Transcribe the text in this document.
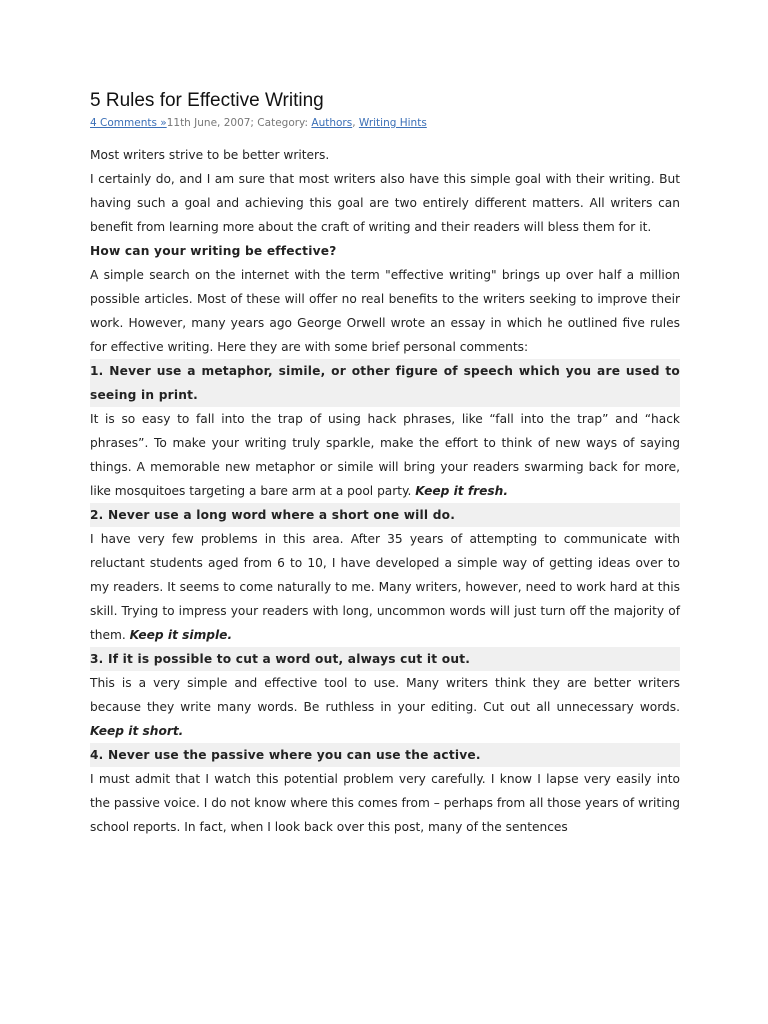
5 Rules for Effective Writing
4 Comments »11th June, 2007; Category: Authors, Writing Hints

Most writers strive to be better writers.

I certainly do, and I am sure that most writers also have this simple goal with their writing. But having such a goal and achieving this goal are two entirely different matters. All writers can benefit from learning more about the craft of writing and their readers will bless them for it.

How can your writing be effective?

A simple search on the internet with the term "effective writing" brings up over half a million possible articles. Most of these will offer no real benefits to the writers seeking to improve their work. However, many years ago George Orwell wrote an essay in which he outlined five rules for effective writing. Here they are with some brief personal comments:

1. Never use a metaphor, simile, or other figure of speech which you are used to seeing in print.

It is so easy to fall into the trap of using hack phrases, like “fall into the trap” and “hack phrases”. To make your writing truly sparkle, make the effort to think of new ways of saying things. A memorable new metaphor or simile will bring your readers swarming back for more, like mosquitoes targeting a bare arm at a pool party. Keep it fresh.

2. Never use a long word where a short one will do.

I have very few problems in this area. After 35 years of attempting to communicate with reluctant students aged from 6 to 10, I have developed a simple way of getting ideas over to my readers. It seems to come naturally to me. Many writers, however, need to work hard at this skill. Trying to impress your readers with long, uncommon words will just turn off the majority of them. Keep it simple.

3. If it is possible to cut a word out, always cut it out.

This is a very simple and effective tool to use. Many writers think they are better writers because they write many words. Be ruthless in your editing. Cut out all unnecessary words. Keep it short.

4. Never use the passive where you can use the active.

I must admit that I watch this potential problem very carefully. I know I lapse very easily into the passive voice. I do not know where this comes from – perhaps from all those years of writing school reports. In fact, when I look back over this post, many of the sentences
